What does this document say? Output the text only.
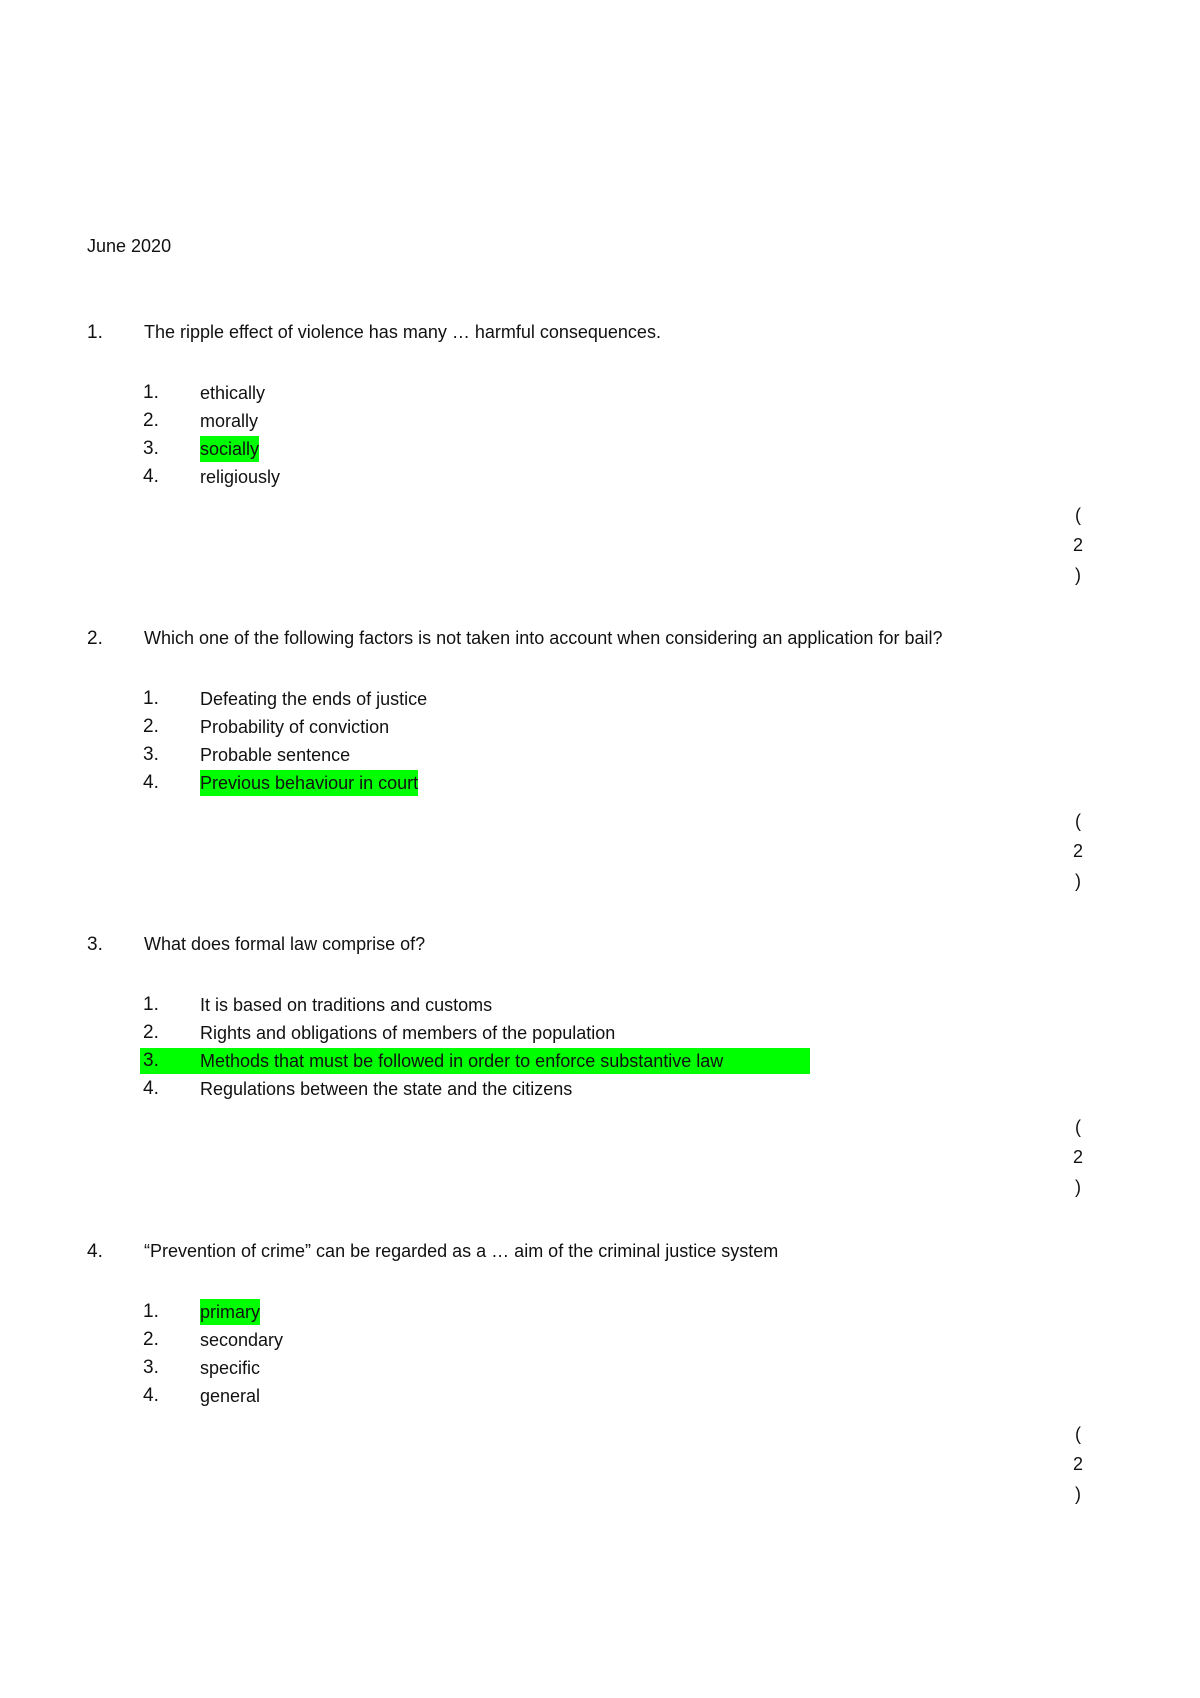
June 2020
1. The ripple effect of violence has many … harmful consequences.
1. ethically
2. morally
3. socially
4. religiously
(
2
)
2. Which one of the following factors is not taken into account when considering an application for bail?
1. Defeating the ends of justice
2. Probability of conviction
3. Probable sentence
4. Previous behaviour in court
(
2
)
3. What does formal law comprise of?
1. It is based on traditions and customs
2. Rights and obligations of members of the population
3. Methods that must be followed in order to enforce substantive law
4. Regulations between the state and the citizens
(
2
)
4. “Prevention of crime” can be regarded as a … aim of the criminal justice system
1. primary
2. secondary
3. specific
4. general
(
2
)
